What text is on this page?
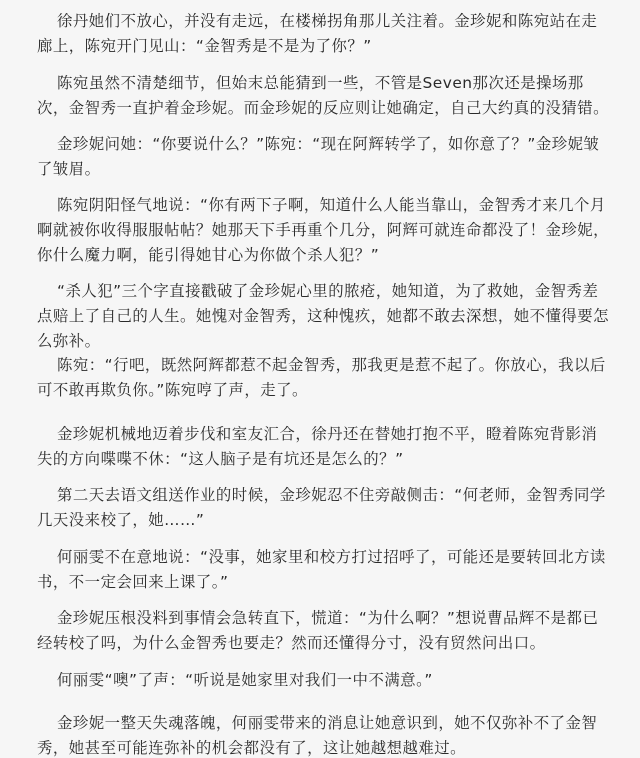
徐丹她们不放心，并没有走远，在楼梯拐角那儿关注着。金珍妮和陈宛站在走廊上，陈宛开门见山：“金智秀是不是为了你？”

陈宛虽然不清楚细节，但始末总能猜到一些，不管是Seven那次还是操场那次，金智秀一直护着金珍妮。而金珍妮的反应则让她确定，自己大约真的没猜错。

金珍妮问她：“你要说什么？”陈宛：“现在阿辉转学了，如你意了？”金珍妮皱了皱眉。

陈宛阴阳怪气地说：“你有两下子啊，知道什么人能当靠山，金智秀才来几个月啊就被你收得服服帖帖？她那天下手再重个几分，阿辉可就连命都没了！金珍妮，你什么魔力啊，能引得她甘心为你做个杀人犯？”

“杀人犯”三个字直接戳破了金珍妮心里的脓疮，她知道，为了救她，金智秀差点赔上了自己的人生。她愧对金智秀，这种愧疚，她都不敢去深想，她不懂得要怎么弥补。

陈宛：“行吧，既然阿辉都惹不起金智秀，那我更是惹不起了。你放心，我以后可不敢再欺负你。”陈宛哼了声，走了。

金珍妮机械地迈着步伐和室友汇合，徐丹还在替她打抱不平，瞪着陈宛背影消失的方向喋喋不休：“这人脑子是有坑还是怎么的？”

第二天去语文组送作业的时候，金珍妮忍不住旁敲侧击：“何老师，金智秀同学几天没来校了，她……”

何丽雯不在意地说：“没事，她家里和校方打过招呼了，可能还是要转回北方读书，不一定会回来上课了。”

金珍妮压根没料到事情会急转直下，慌道：“为什么啊？”想说曹品辉不是都已经转校了吗，为什么金智秀也要走？然而还懂得分寸，没有贸然问出口。

何丽雯“噢”了声：“听说是她家里对我们一中不满意。”

金珍妮一整天失魂落魄，何丽雯带来的消息让她意识到，她不仅弥补不了金智秀，她甚至可能连弥补的机会都没有了，这让她越想越难过。
